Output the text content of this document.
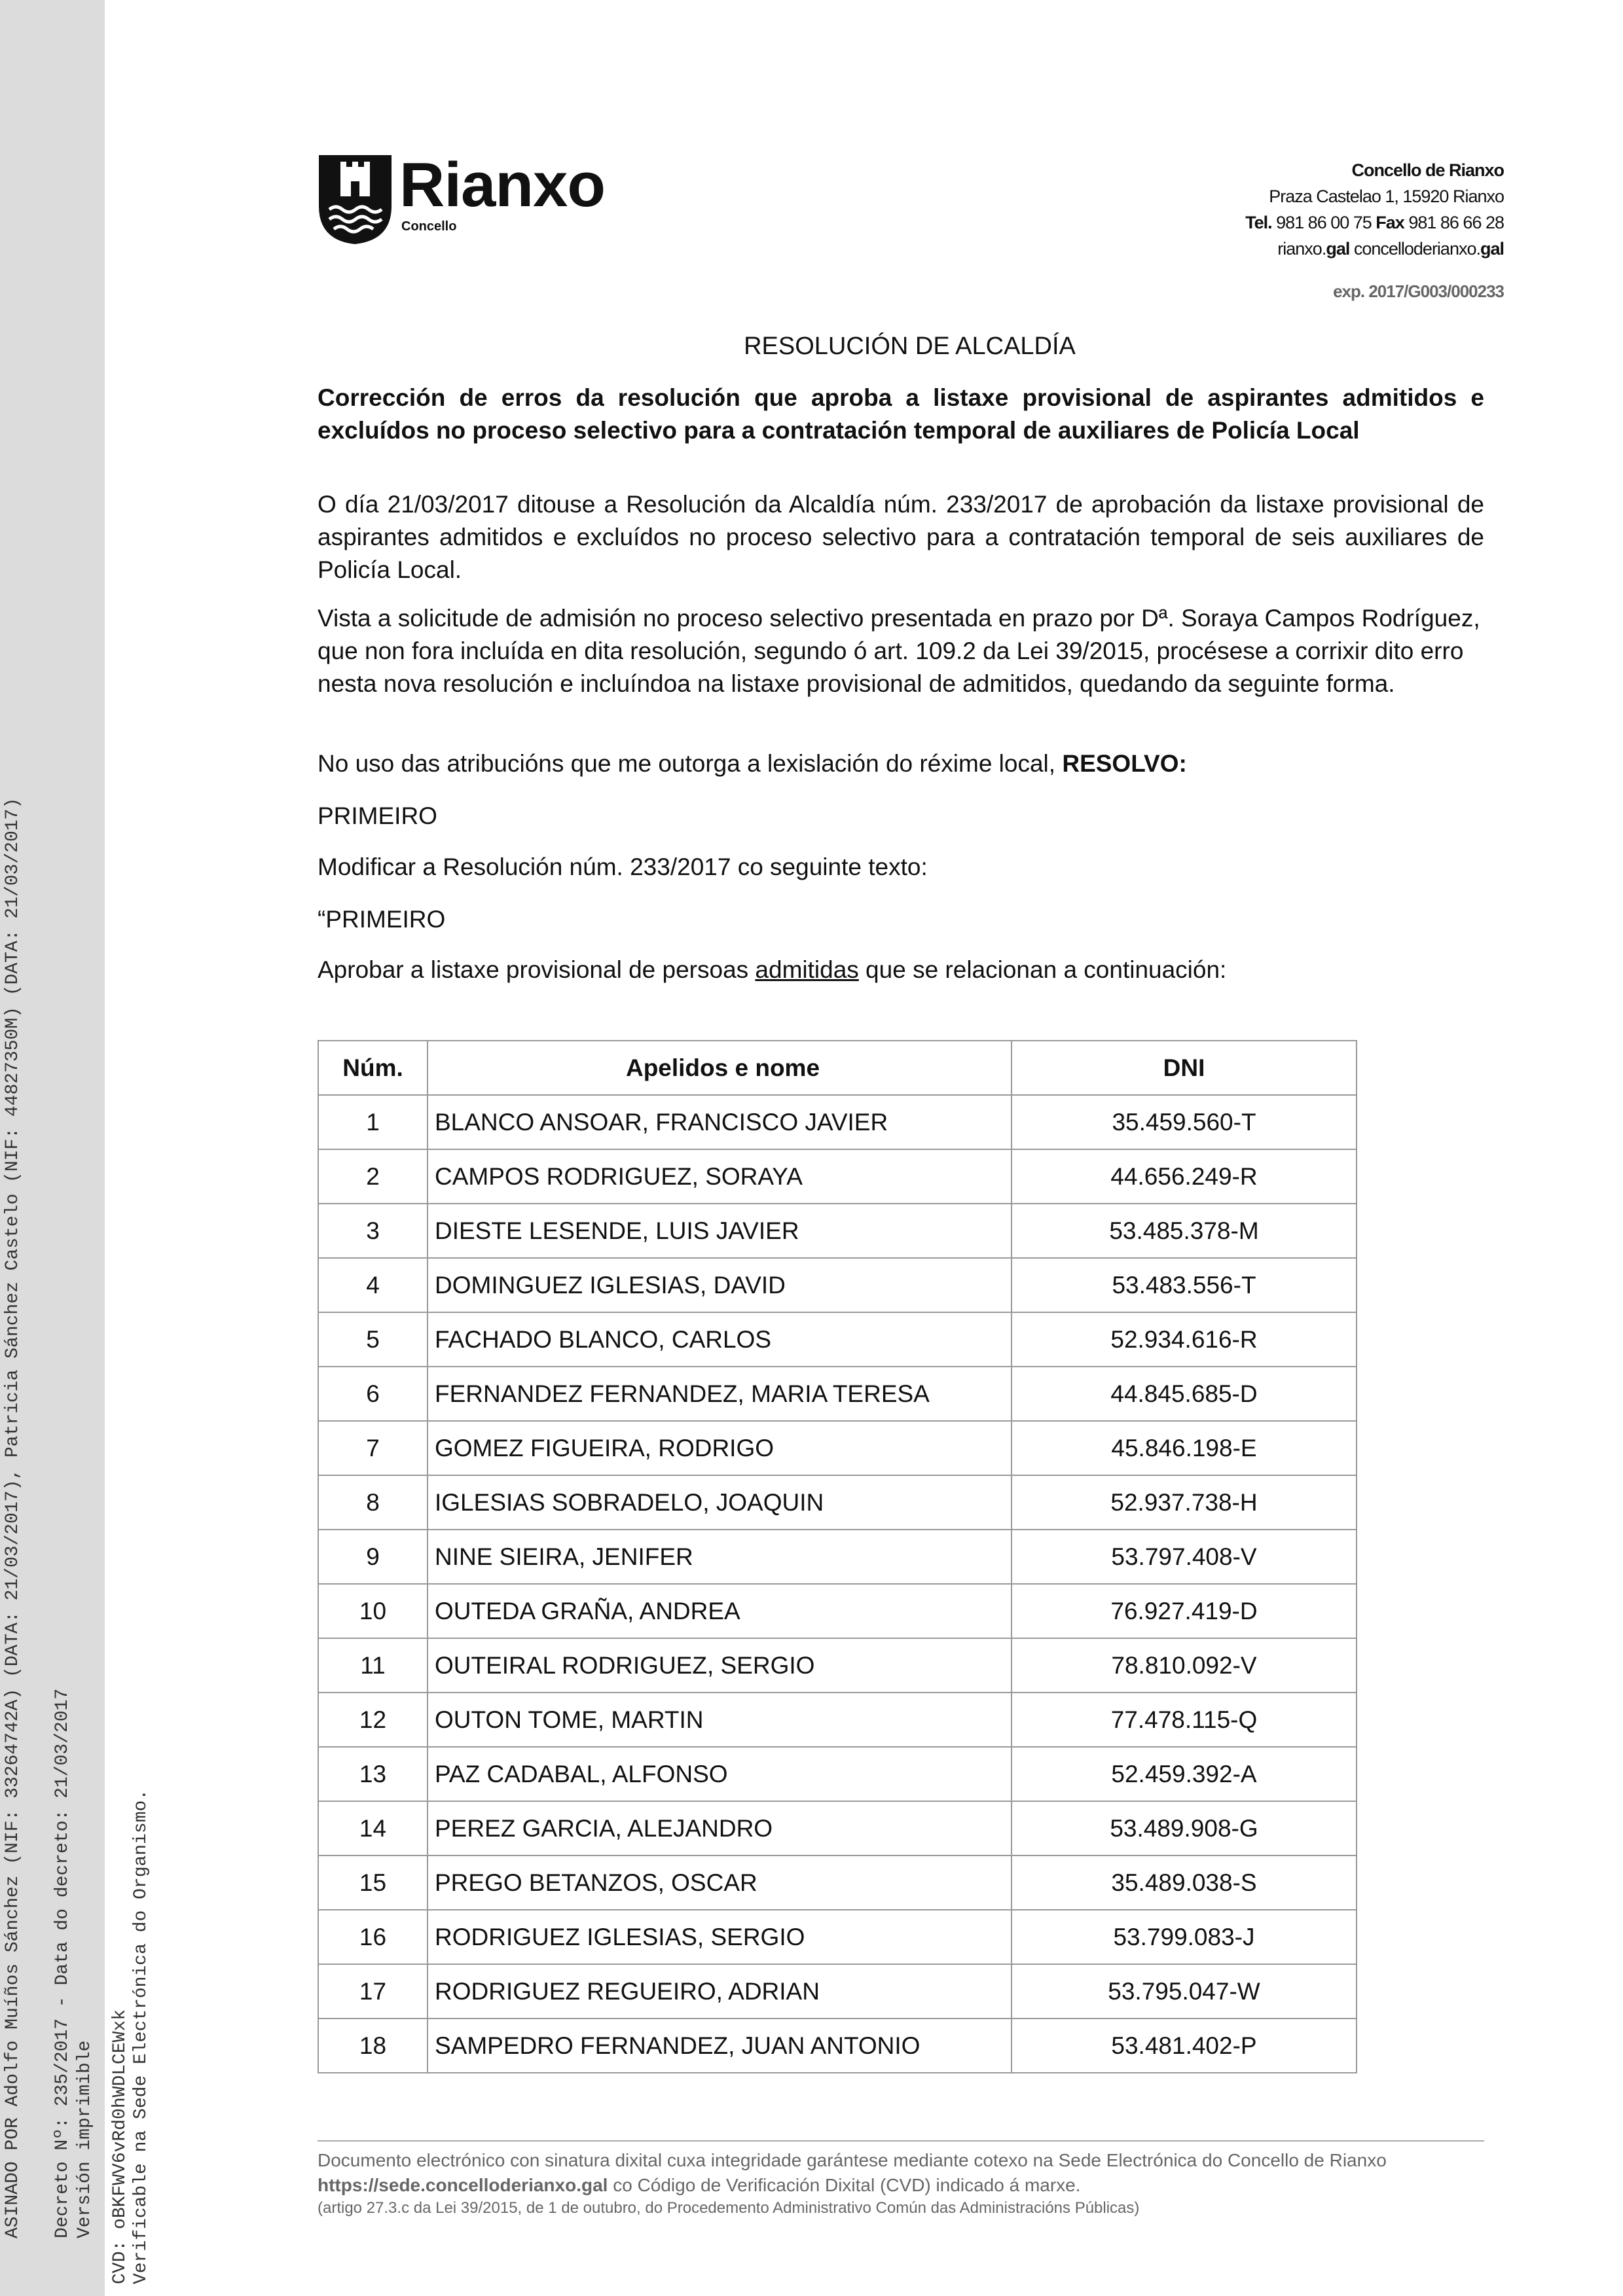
ASINADO POR Adolfo Muíños Sánchez (NIF: 33264742A) (DATA: 21/03/2017), Patricia Sánchez Castelo (NIF: 44827350M) (DATA: 21/03/2017) Decreto Nº: 235/2017 - Data do decreto: 21/03/2017 Versión imprimible CVD: oBKFWV6vRd0hWDLCEWxk Verificable na Sede Electrónica do Organismo.
Rianxo
Concello
Concello de Rianxo
Praza Castelao 1, 15920 Rianxo
Tel. 981 86 00 75 Fax 981 86 66 28
rianxo.gal concelloderianxo.gal
exp. 2017/G003/000233
RESOLUCIÓN DE ALCALDÍA
Corrección de erros da resolución que aproba a listaxe provisional de aspirantes admitidos e excluídos no proceso selectivo para a contratación temporal de auxiliares de Policía Local
O día 21/03/2017 ditouse a Resolución da Alcaldía núm. 233/2017 de aprobación da listaxe provisional de aspirantes admitidos e excluídos no proceso selectivo para a contratación temporal de seis auxiliares de Policía Local.
Vista a solicitude de admisión no proceso selectivo presentada en prazo por Dª. Soraya Campos Rodríguez, que non fora incluída en dita resolución, segundo ó art. 109.2 da Lei 39/2015, procésese a corrixir dito erro nesta nova resolución e incluíndoa na listaxe provisional de admitidos, quedando da seguinte forma.
No uso das atribucións que me outorga a lexislación do réxime local, RESOLVO:
PRIMEIRO
Modificar a Resolución núm. 233/2017 co seguinte texto:
“PRIMEIRO
Aprobar a listaxe provisional de persoas admitidas que se relacionan a continuación:
Núm.	Apelidos e nome	DNI
1	BLANCO ANSOAR, FRANCISCO JAVIER	35.459.560-T
2	CAMPOS RODRIGUEZ, SORAYA	44.656.249-R
3	DIESTE LESENDE, LUIS JAVIER	53.485.378-M
4	DOMINGUEZ IGLESIAS, DAVID	53.483.556-T
5	FACHADO BLANCO, CARLOS	52.934.616-R
6	FERNANDEZ FERNANDEZ, MARIA TERESA	44.845.685-D
7	GOMEZ FIGUEIRA, RODRIGO	45.846.198-E
8	IGLESIAS SOBRADELO, JOAQUIN	52.937.738-H
9	NINE SIEIRA, JENIFER	53.797.408-V
10	OUTEDA GRAÑA, ANDREA	76.927.419-D
11	OUTEIRAL RODRIGUEZ, SERGIO	78.810.092-V
12	OUTON TOME, MARTIN	77.478.115-Q
13	PAZ CADABAL, ALFONSO	52.459.392-A
14	PEREZ GARCIA, ALEJANDRO	53.489.908-G
15	PREGO BETANZOS, OSCAR	35.489.038-S
16	RODRIGUEZ IGLESIAS, SERGIO	53.799.083-J
17	RODRIGUEZ REGUEIRO, ADRIAN	53.795.047-W
18	SAMPEDRO FERNANDEZ, JUAN ANTONIO	53.481.402-P
Documento electrónico con sinatura dixital cuxa integridade garántese mediante cotexo na Sede Electrónica do Concello de Rianxo
https://sede.concelloderianxo.gal co Código de Verificación Dixital (CVD) indicado á marxe.
(artigo 27.3.c da Lei 39/2015, de 1 de outubro, do Procedemento Administrativo Común das Administracións Públicas)
